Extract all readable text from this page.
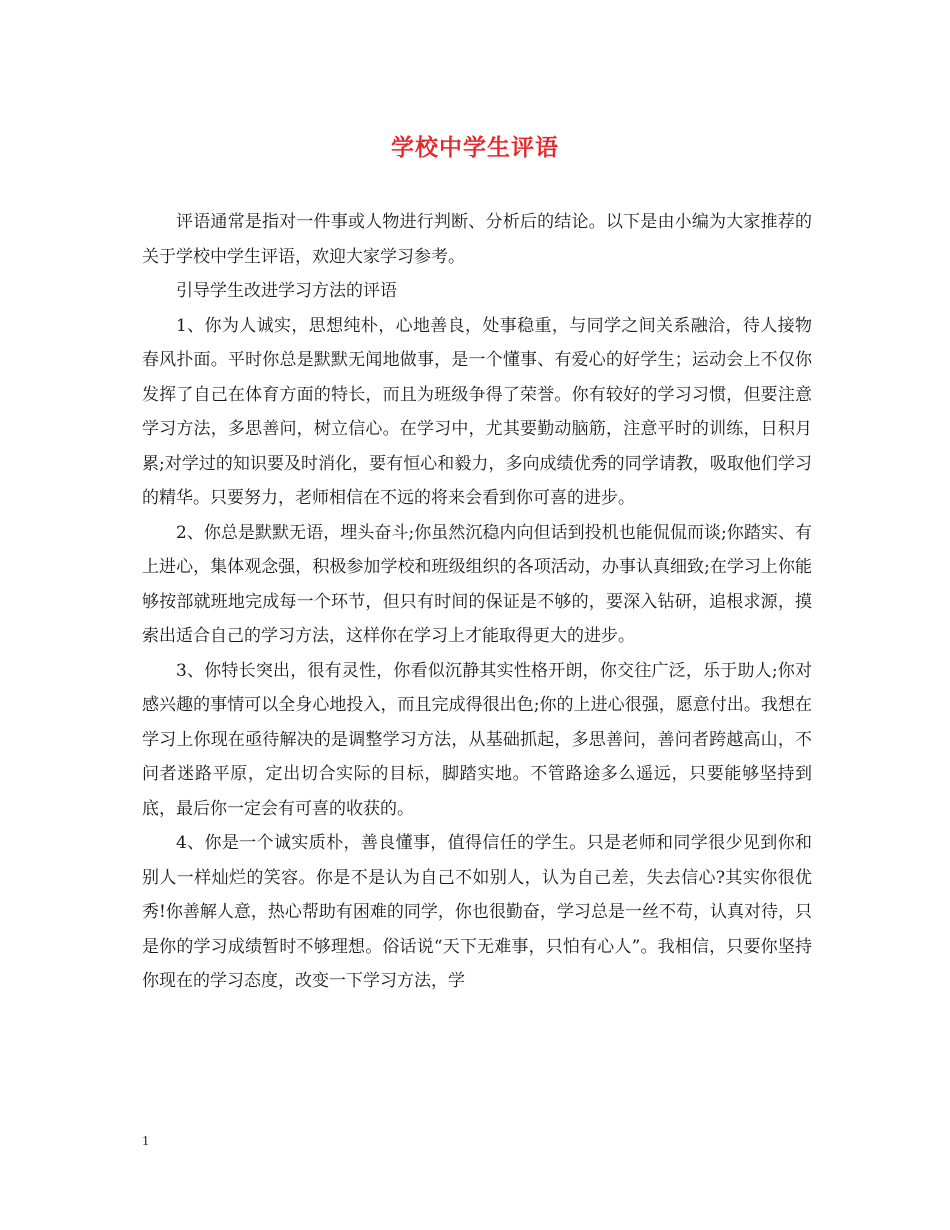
学校中学生评语

评语通常是指对一件事或人物进行判断、分析后的结论。以下是由小编为大家推荐的关于学校中学生评语，欢迎大家学习参考。

引导学生改进学习方法的评语

1、你为人诚实，思想纯朴，心地善良，处事稳重，与同学之间关系融洽，待人接物春风扑面。平时你总是默默无闻地做事，是一个懂事、有爱心的好学生；运动会上不仅你发挥了自己在体育方面的特长，而且为班级争得了荣誉。你有较好的学习习惯，但要注意学习方法，多思善问，树立信心。在学习中，尤其要勤动脑筋，注意平时的训练，日积月累;对学过的知识要及时消化，要有恒心和毅力，多向成绩优秀的同学请教，吸取他们学习的精华。只要努力，老师相信在不远的将来会看到你可喜的进步。

2、你总是默默无语，埋头奋斗;你虽然沉稳内向但话到投机也能侃侃而谈;你踏实、有上进心，集体观念强，积极参加学校和班级组织的各项活动，办事认真细致;在学习上你能够按部就班地完成每一个环节，但只有时间的保证是不够的，要深入钻研，追根求源，摸索出适合自己的学习方法，这样你在学习上才能取得更大的进步。

3、你特长突出，很有灵性，你看似沉静其实性格开朗，你交往广泛，乐于助人;你对感兴趣的事情可以全身心地投入，而且完成得很出色;你的上进心很强，愿意付出。我想在学习上你现在亟待解决的是调整学习方法，从基础抓起，多思善问，善问者跨越高山，不问者迷路平原，定出切合实际的目标，脚踏实地。不管路途多么遥远，只要能够坚持到底，最后你一定会有可喜的收获的。

4、你是一个诚实质朴，善良懂事，值得信任的学生。只是老师和同学很少见到你和别人一样灿烂的笑容。你是不是认为自己不如别人，认为自己差，失去信心?其实你很优秀!你善解人意，热心帮助有困难的同学，你也很勤奋，学习总是一丝不苟，认真对待，只是你的学习成绩暂时不够理想。俗话说“天下无难事，只怕有心人”。我相信，只要你坚持你现在的学习态度，改变一下学习方法，学

1
